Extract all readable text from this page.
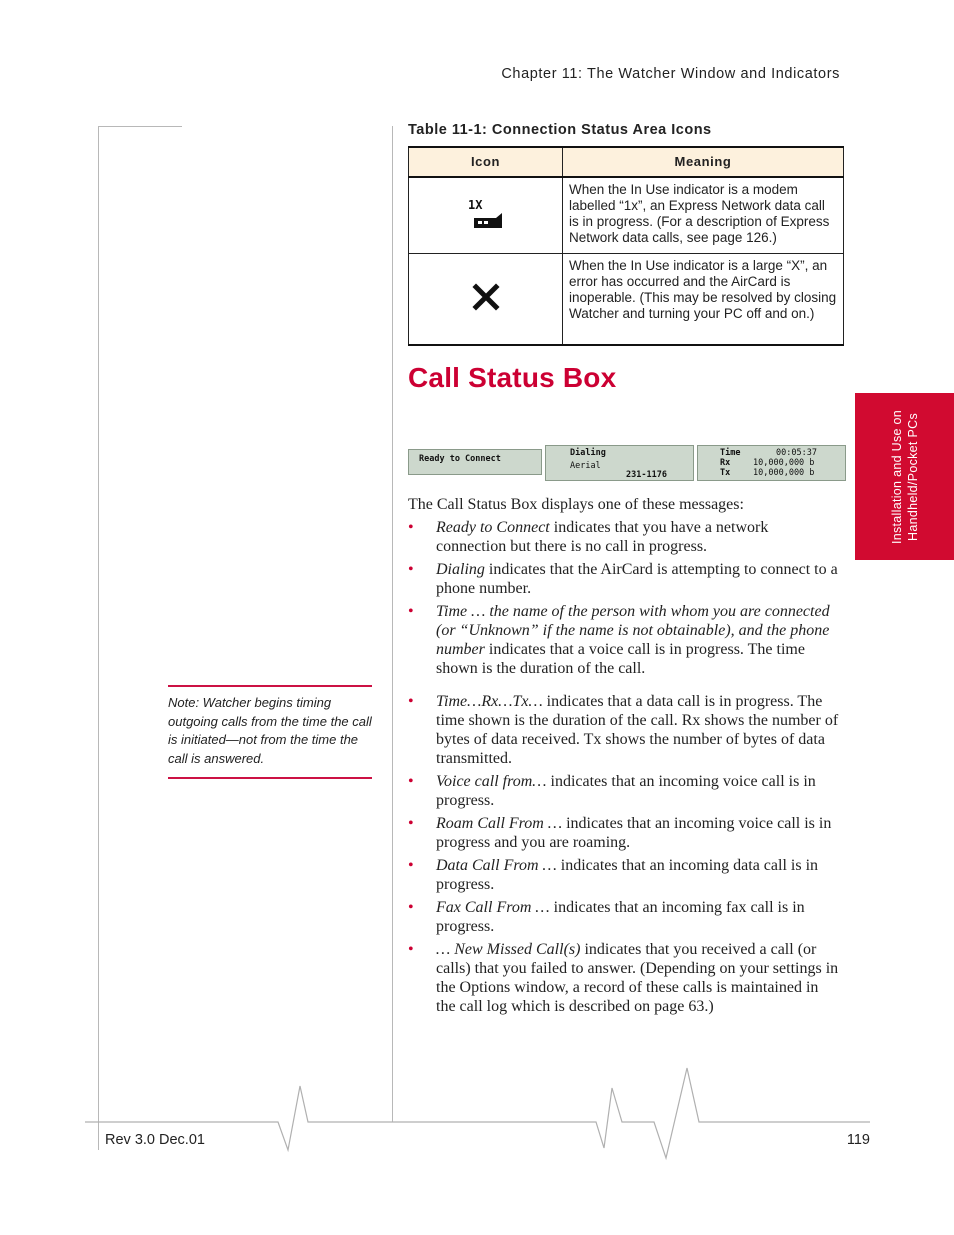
Chapter 11: The Watcher Window and Indicators
Table 11-1: Connection Status Area Icons
Icon	Meaning

1X	When the In Use indicator is a modem labelled “1x”, an Express Network data call is in progress. (For a description of Express Network data calls, see page 126.)
	When the In Use indicator is a large “X”, an error has occurred and the AirCard is inoperable. (This may be resolved by closing Watcher and turning your PC off and on.)
Call Status Box
Ready to Connect
Dialing
Aerial
231-1176
Time	00:05:37
Rx	10,000,000 b
Tx	10,000,000 b	Installation and Use on Handheld/Pocket PCs
Note: Watcher begins timing outgoing calls from the time the call is initiated—not from the time the call is answered.
The Call Status Box displays one of these messages:
• Ready to Connect indicates that you have a network connection but there is no call in progress.
• Dialing indicates that the AirCard is attempting to connect to a phone number.
• Time … the name of the person with whom you are connected (or “Unknown” if the name is not obtainable), and the phone number indicates that a voice call is in progress. The time shown is the duration of the call.
• Time…Rx…Tx… indicates that a data call is in progress. The time shown is the duration of the call. Rx shows the number of bytes of data received. Tx shows the number of bytes of data transmitted.
• Voice call from… indicates that an incoming voice call is in progress.
• Roam Call From … indicates that an incoming voice call is in progress and you are roaming.
• Data Call From … indicates that an incoming data call is in progress.
• Fax Call From … indicates that an incoming fax call is in progress.
• … New Missed Call(s) indicates that you received a call (or calls) that you failed to answer. (Depending on your settings in the Options window, a record of these calls is maintained in the call log which is described on page 63.)
Rev 3.0 Dec.01	119
